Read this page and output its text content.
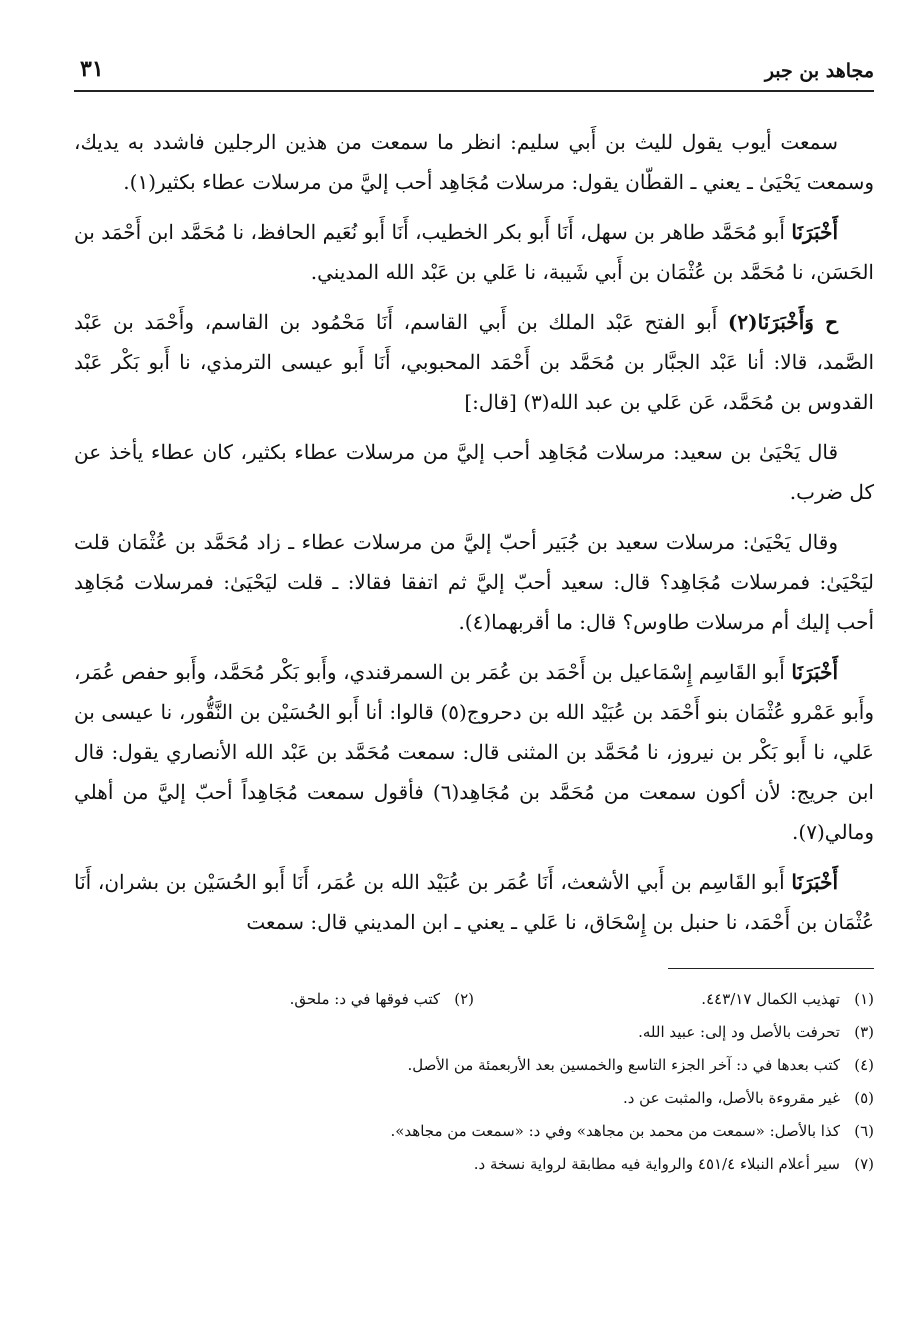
مجاهد بن جبر
٣١

سمعت أيوب يقول لليث بن أَبي سليم: انظر ما سمعت من هذين الرجلين فاشدد به يديك، وسمعت يَحْيَىٰ ـ يعني ـ القطّان يقول: مرسلات مُجَاهِد أحب إليَّ من مرسلات عطاء بكثير(١).

أَخْبَرَنَا أَبو مُحَمَّد طاهر بن سهل، أَنَا أَبو بكر الخطيب، أَنَا أَبو نُعَيم الحافظ، نا مُحَمَّد ابن أَحْمَد بن الحَسَن، نا مُحَمَّد بن عُثْمَان بن أَبي شَيبة، نا عَلي بن عَبْد الله المديني.

ح وَأَخْبَرَنَا(٢) أَبو الفتح عَبْد الملك بن أَبي القاسم، أَنَا مَحْمُود بن القاسم، وأَحْمَد بن عَبْد الصَّمد، قالا: أنا عَبْد الجبَّار بن مُحَمَّد بن أَحْمَد المحبوبي، أَنَا أَبو عيسى الترمذي، نا أَبو بَكْر عَبْد القدوس بن مُحَمَّد، عَن عَلي بن عبد الله(٣) [قال:]

قال يَحْيَىٰ بن سعيد: مرسلات مُجَاهِد أحب إليَّ من مرسلات عطاء بكثير، كان عطاء يأخذ عن كل ضرب.

وقال يَحْيَىٰ: مرسلات سعيد بن جُبَير أحبّ إليَّ من مرسلات عطاء ـ زاد مُحَمَّد بن عُثْمَان قلت ليَحْيَىٰ: فمرسلات مُجَاهِد؟ قال: سعيد أحبّ إليَّ ثم اتفقا فقالا: ـ قلت ليَحْيَىٰ: فمرسلات مُجَاهِد أحب إليك أم مرسلات طاوس؟ قال: ما أقربهما(٤).

أَخْبَرَنَا أَبو القَاسِم إِسْمَاعيل بن أَحْمَد بن عُمَر بن السمرقندي، وأَبو بَكْر مُحَمَّد، وأَبو حفص عُمَر، وأَبو عَمْرو عُثْمَان بنو أَحْمَد بن عُبَيْد الله بن دحروج(٥) قالوا: أنا أَبو الحُسَيْن بن النَّقُّور، نا عيسى بن عَلي، نا أَبو بَكْر بن نيروز، نا مُحَمَّد بن المثنى قال: سمعت مُحَمَّد بن عَبْد الله الأنصاري يقول: قال ابن جريج: لأن أكون سمعت من مُحَمَّد بن مُجَاهِد(٦) فأقول سمعت مُجَاهِداً أحبّ إليَّ من أهلي ومالي(٧).

أَخْبَرَنَا أَبو القَاسِم بن أَبي الأشعث، أَنَا عُمَر بن عُبَيْد الله بن عُمَر، أَنَا أَبو الحُسَيْن بن بشران، أَنَا عُثْمَان بن أَحْمَد، نا حنبل بن إِسْحَاق، نا عَلي ـ يعني ـ ابن المديني قال: سمعت

(١)تهذيب الكمال ٤٤٣/١٧.
(٢)كتب فوقها في د: ملحق.
(٣)تحرفت بالأصل ود إلى: عبيد الله.
(٤)كتب بعدها في د: آخر الجزء التاسع والخمسين بعد الأربعمئة من الأصل.
(٥)غير مقروءة بالأصل، والمثبت عن د.
(٦)كذا بالأصل: «سمعت من محمد بن مجاهد» وفي د: «سمعت من مجاهد».
(٧)سير أعلام النبلاء ٤٥١/٤ والرواية فيه مطابقة لرواية نسخة د.
